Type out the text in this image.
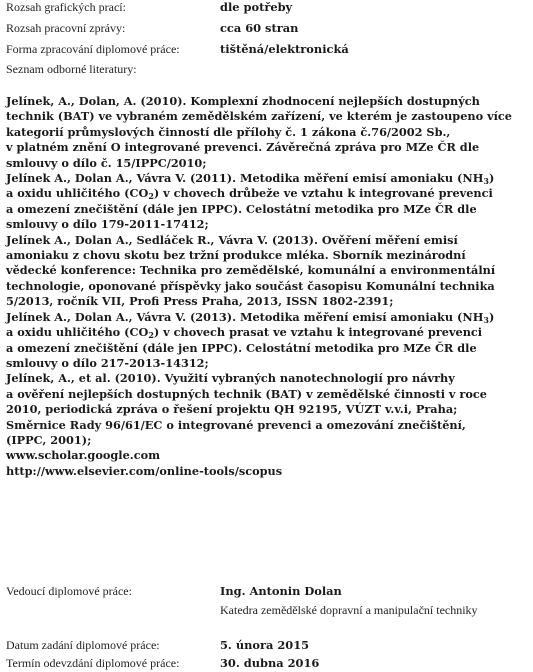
Rozsah grafických prací:	dle potřeby
Rozsah pracovní zprávy:	cca 60 stran
Forma zpracování diplomové práce:	tištěná/elektronická
Seznam odborné literatury:
Jelínek, A., Dolan, A. (2010). Komplexní zhodnocení nejlepších dostupných
technik (BAT) ve vybraném zemědělském zařízení, ve kterém je zastoupeno více
kategorií průmyslových činností dle přílohy č. 1 zákona č.76/2002 Sb.,
v platném znění O integrované prevenci. Závěrečná zpráva pro MZe ČR dle
smlouvy o dílo č. 15/IPPC/2010;
Jelínek A., Dolan A., Vávra V. (2011). Metodika měření emisí amoniaku $(NH_3)$
a oxidu uhličitého $(CO_2)$ v chovech drůbeže ve vztahu k integrované prevenci
a omezení znečištění (dále jen IPPC). Celostátní metodika pro MZe ČR dle
smlouvy o dílo 179-2011-17412;
Jelínek A., Dolan A., Sedláček R., Vávra V. (2013). Ověření měření emisí
amoniaku z chovu skotu bez tržní produkce mléka. Sborník mezinárodní
vědecké konference: Technika pro zemědělské, komunální a environmentální
technologie, oponované příspěvky jako součást časopisu Komunální technika
5/2013, ročník VII, Profi Press Praha, 2013, ISSN 1802-2391;
Jelínek A., Dolan A., Vávra V. (2013). Metodika měření emisí amoniaku $(NH_3)$
a oxidu uhličitého $(CO_2)$ v chovech prasat ve vztahu k integrované prevenci
a omezení znečištění (dále jen IPPC). Celostátní metodika pro MZe ČR dle
smlouvy o dílo 217-2013-14312;
Jelínek, A., et al. (2010). Využití vybraných nanotechnologií pro návrhy
a ověření nejlepších dostupných technik (BAT) v zemědělské činnosti v roce
2010, periodická zpráva o řešení projektu QH 92195, VÚZT v.v.i, Praha;
Směrnice Rady 96/61/EC o integrované prevenci a omezování znečištění,
(IPPC, 2001);
www.scholar.google.com
http://www.elsevier.com/online-tools/scopus
Vedoucí diplomové práce:	Ing. Antonin Dolan
Katedra zemědělské dopravní a manipulační techniky
Datum zadání diplomové práce:	5. února 2015
Termín odevzdání diplomové práce:	30. dubna 2016
